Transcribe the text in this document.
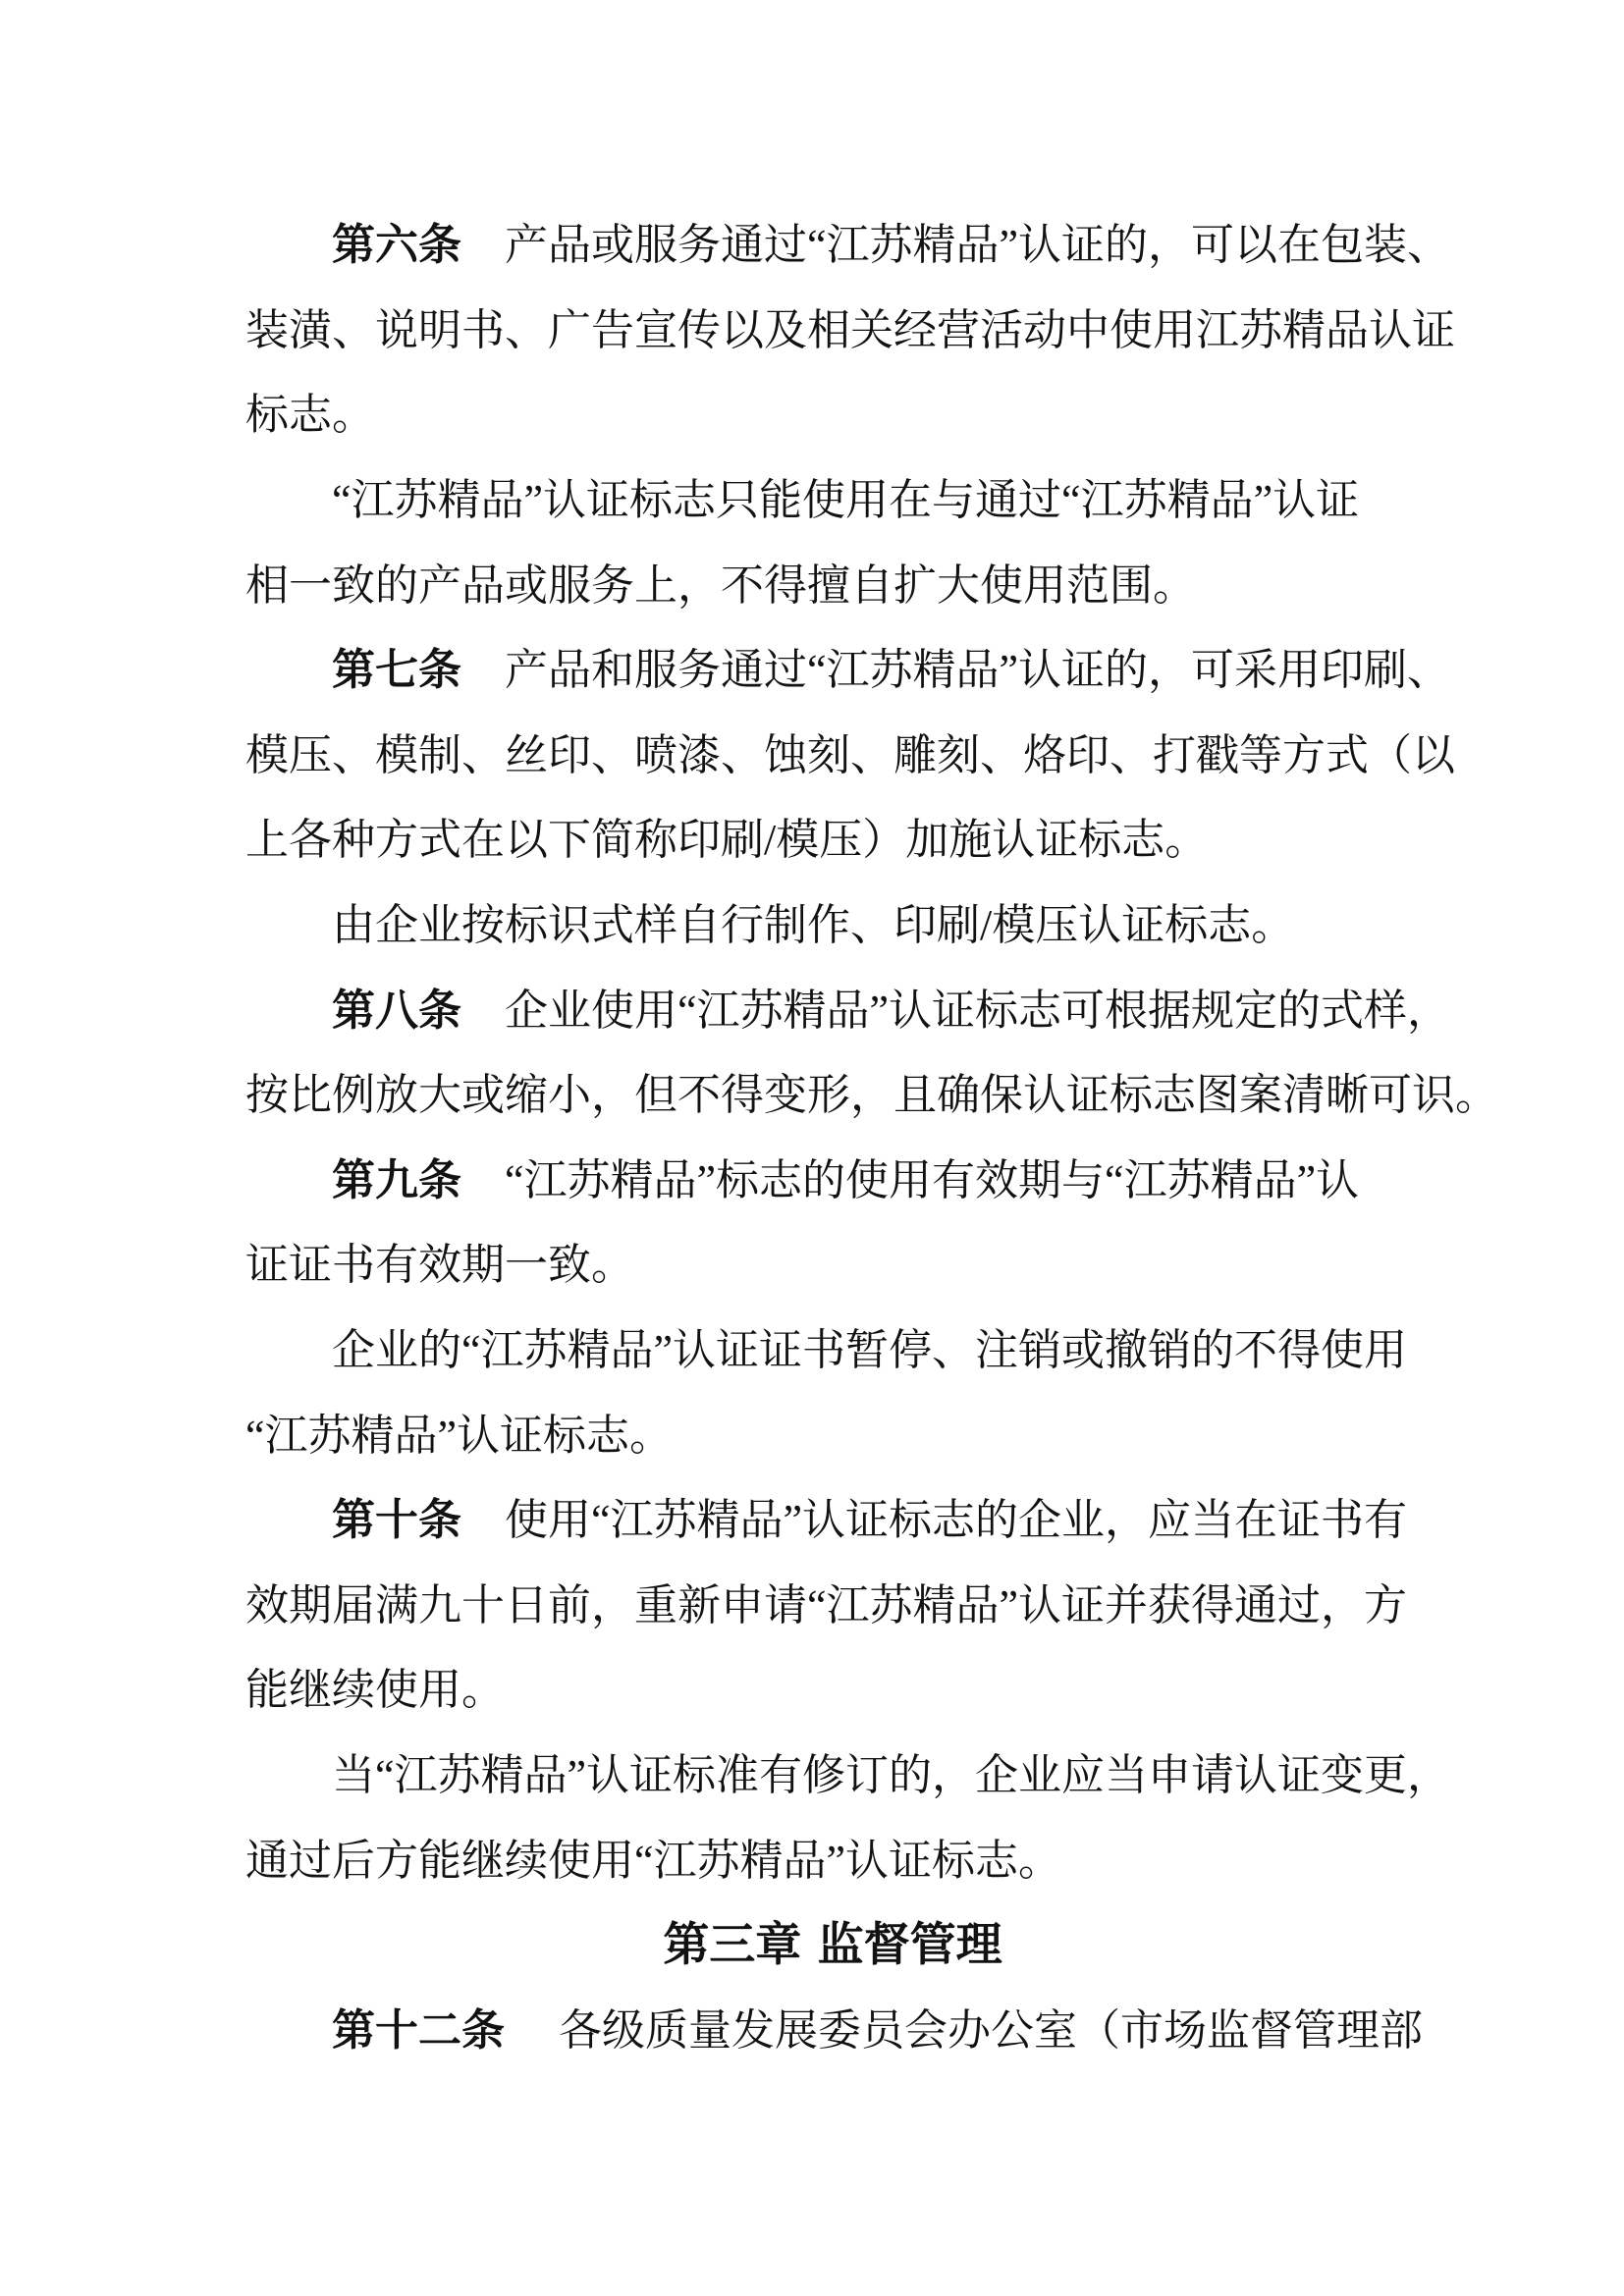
第六条 　产品或服务通过“江苏精品”认证的，可以在包装、
装潢、说明书、广告宣传以及相关经营活动中使用江苏精品认证
标志。
“江苏精品”认证标志只能使用在与通过“江苏精品”认证
相一致的产品或服务上，不得擅自扩大使用范围。
第七条 　产品和服务通过“江苏精品”认证的，可采用印刷、
模压、模制、丝印、喷漆、蚀刻、雕刻、烙印、打戳等方式（以
上各种方式在以下简称印刷/模压）加施认证标志。
由企业按标识式样自行制作、印刷/模压认证标志。
第八条 　企业使用“江苏精品”认证标志可根据规定的式样，
按比例放大或缩小，但不得变形，且确保认证标志图案清晰可识。
第九条 　“江苏精品”标志的使用有效期与“江苏精品”认
证证书有效期一致。
企业的“江苏精品”认证证书暂停、注销或撤销的不得使用
“江苏精品”认证标志。
第十条 　使用“江苏精品”认证标志的企业，应当在证书有
效期届满九十日前，重新申请“江苏精品”认证并获得通过，方
能继续使用。
当“江苏精品”认证标准有修订的，企业应当申请认证变更，
通过后方能继续使用“江苏精品”认证标志。
第三章 监督管理
第十二条 　 各级质量发展委员会办公室（市场监督管理部
